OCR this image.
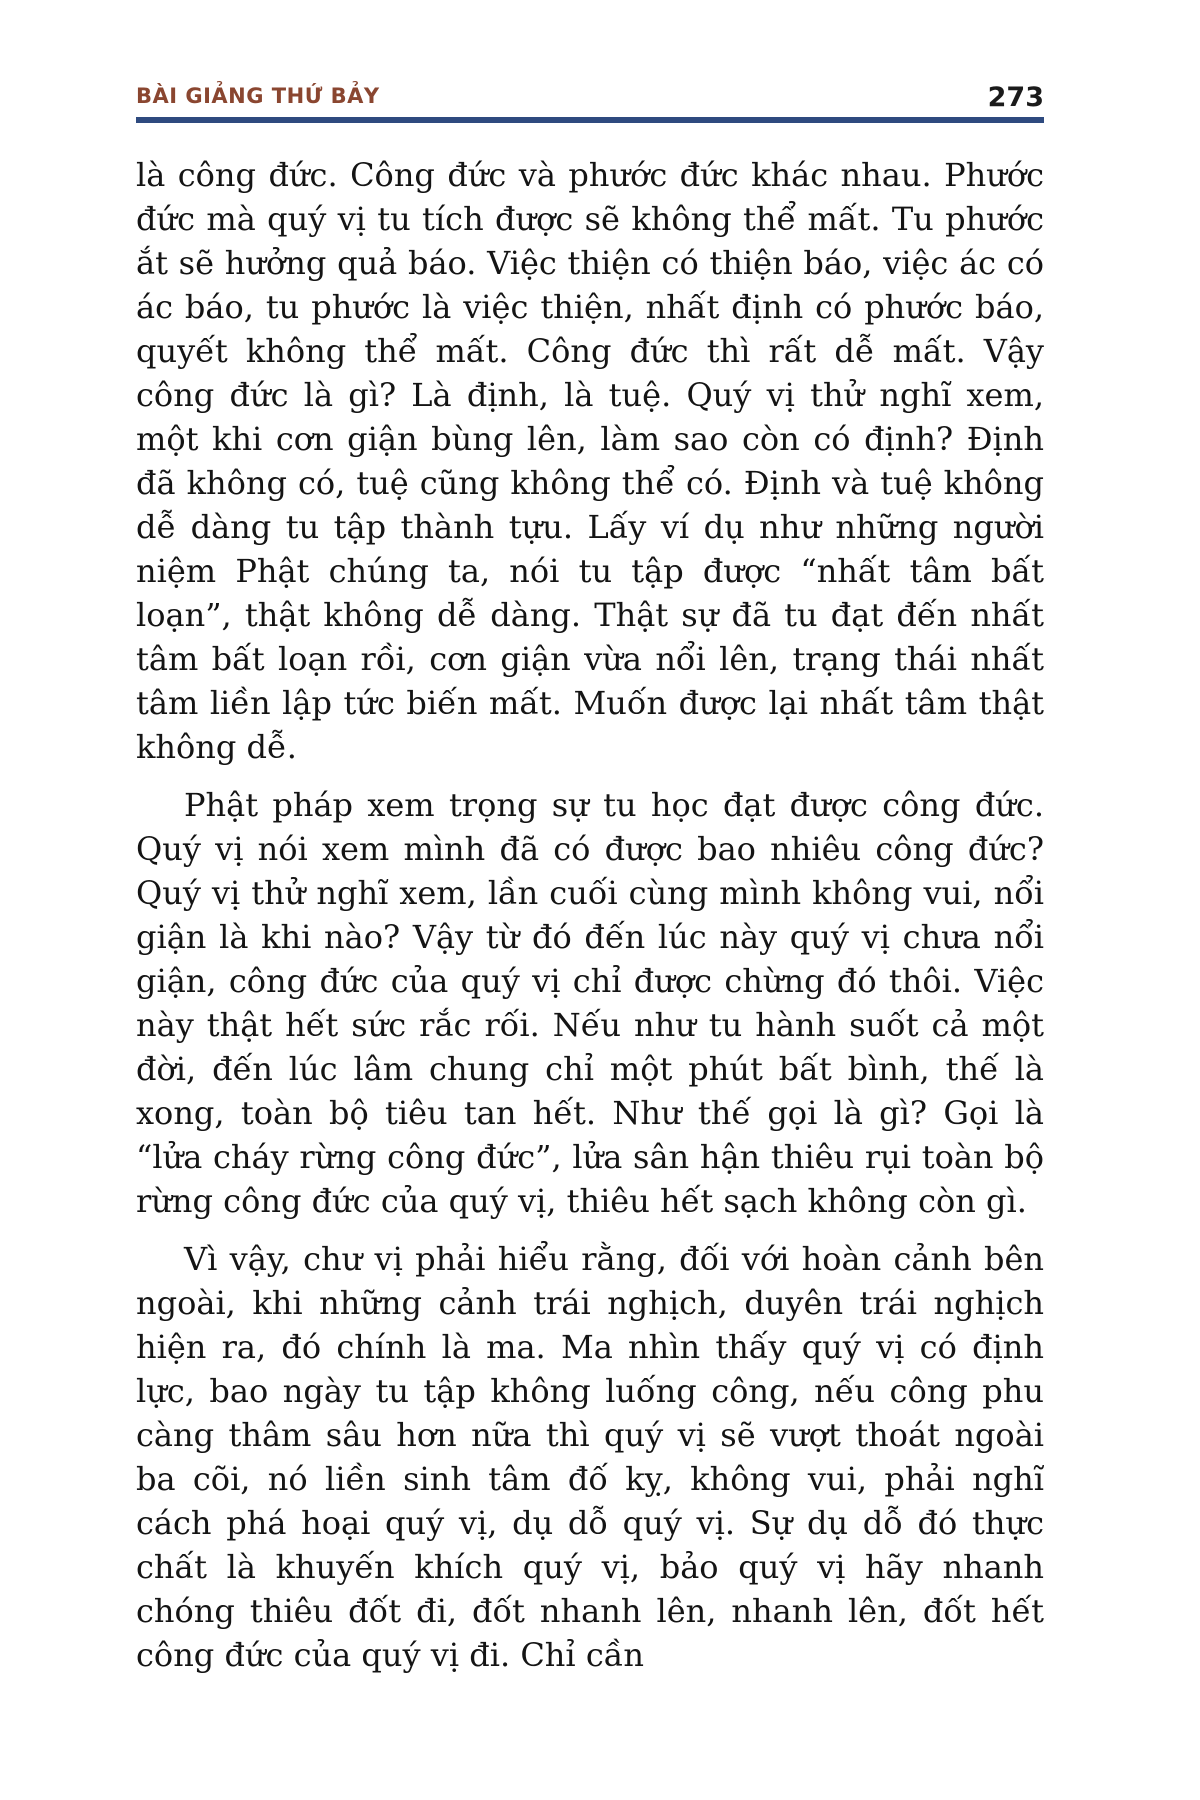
BÀI GIẢNG THỨ BẢY	273

là công đức. Công đức và phước đức khác nhau. Phước đức mà quý vị tu tích được sẽ không thể mất. Tu phước ắt sẽ hưởng quả báo. Việc thiện có thiện báo, việc ác có ác báo, tu phước là việc thiện, nhất định có phước báo, quyết không thể mất. Công đức thì rất dễ mất. Vậy công đức là gì? Là định, là tuệ. Quý vị thử nghĩ xem, một khi cơn giận bùng lên, làm sao còn có định? Định đã không có, tuệ cũng không thể có. Định và tuệ không dễ dàng tu tập thành tựu. Lấy ví dụ như những người niệm Phật chúng ta, nói tu tập được “nhất tâm bất loạn”, thật không dễ dàng. Thật sự đã tu đạt đến nhất tâm bất loạn rồi, cơn giận vừa nổi lên, trạng thái nhất tâm liền lập tức biến mất. Muốn được lại nhất tâm thật không dễ.

Phật pháp xem trọng sự tu học đạt được công đức. Quý vị nói xem mình đã có được bao nhiêu công đức? Quý vị thử nghĩ xem, lần cuối cùng mình không vui, nổi giận là khi nào? Vậy từ đó đến lúc này quý vị chưa nổi giận, công đức của quý vị chỉ được chừng đó thôi. Việc này thật hết sức rắc rối. Nếu như tu hành suốt cả một đời, đến lúc lâm chung chỉ một phút bất bình, thế là xong, toàn bộ tiêu tan hết. Như thế gọi là gì? Gọi là “lửa cháy rừng công đức”, lửa sân hận thiêu rụi toàn bộ rừng công đức của quý vị, thiêu hết sạch không còn gì.

Vì vậy, chư vị phải hiểu rằng, đối với hoàn cảnh bên ngoài, khi những cảnh trái nghịch, duyên trái nghịch hiện ra, đó chính là ma. Ma nhìn thấy quý vị có định lực, bao ngày tu tập không luống công, nếu công phu càng thâm sâu hơn nữa thì quý vị sẽ vượt thoát ngoài ba cõi, nó liền sinh tâm đố kỵ, không vui, phải nghĩ cách phá hoại quý vị, dụ dỗ quý vị. Sự dụ dỗ đó thực chất là khuyến khích quý vị, bảo quý vị hãy nhanh chóng thiêu đốt đi, đốt nhanh lên, nhanh lên, đốt hết công đức của quý vị đi. Chỉ cần
